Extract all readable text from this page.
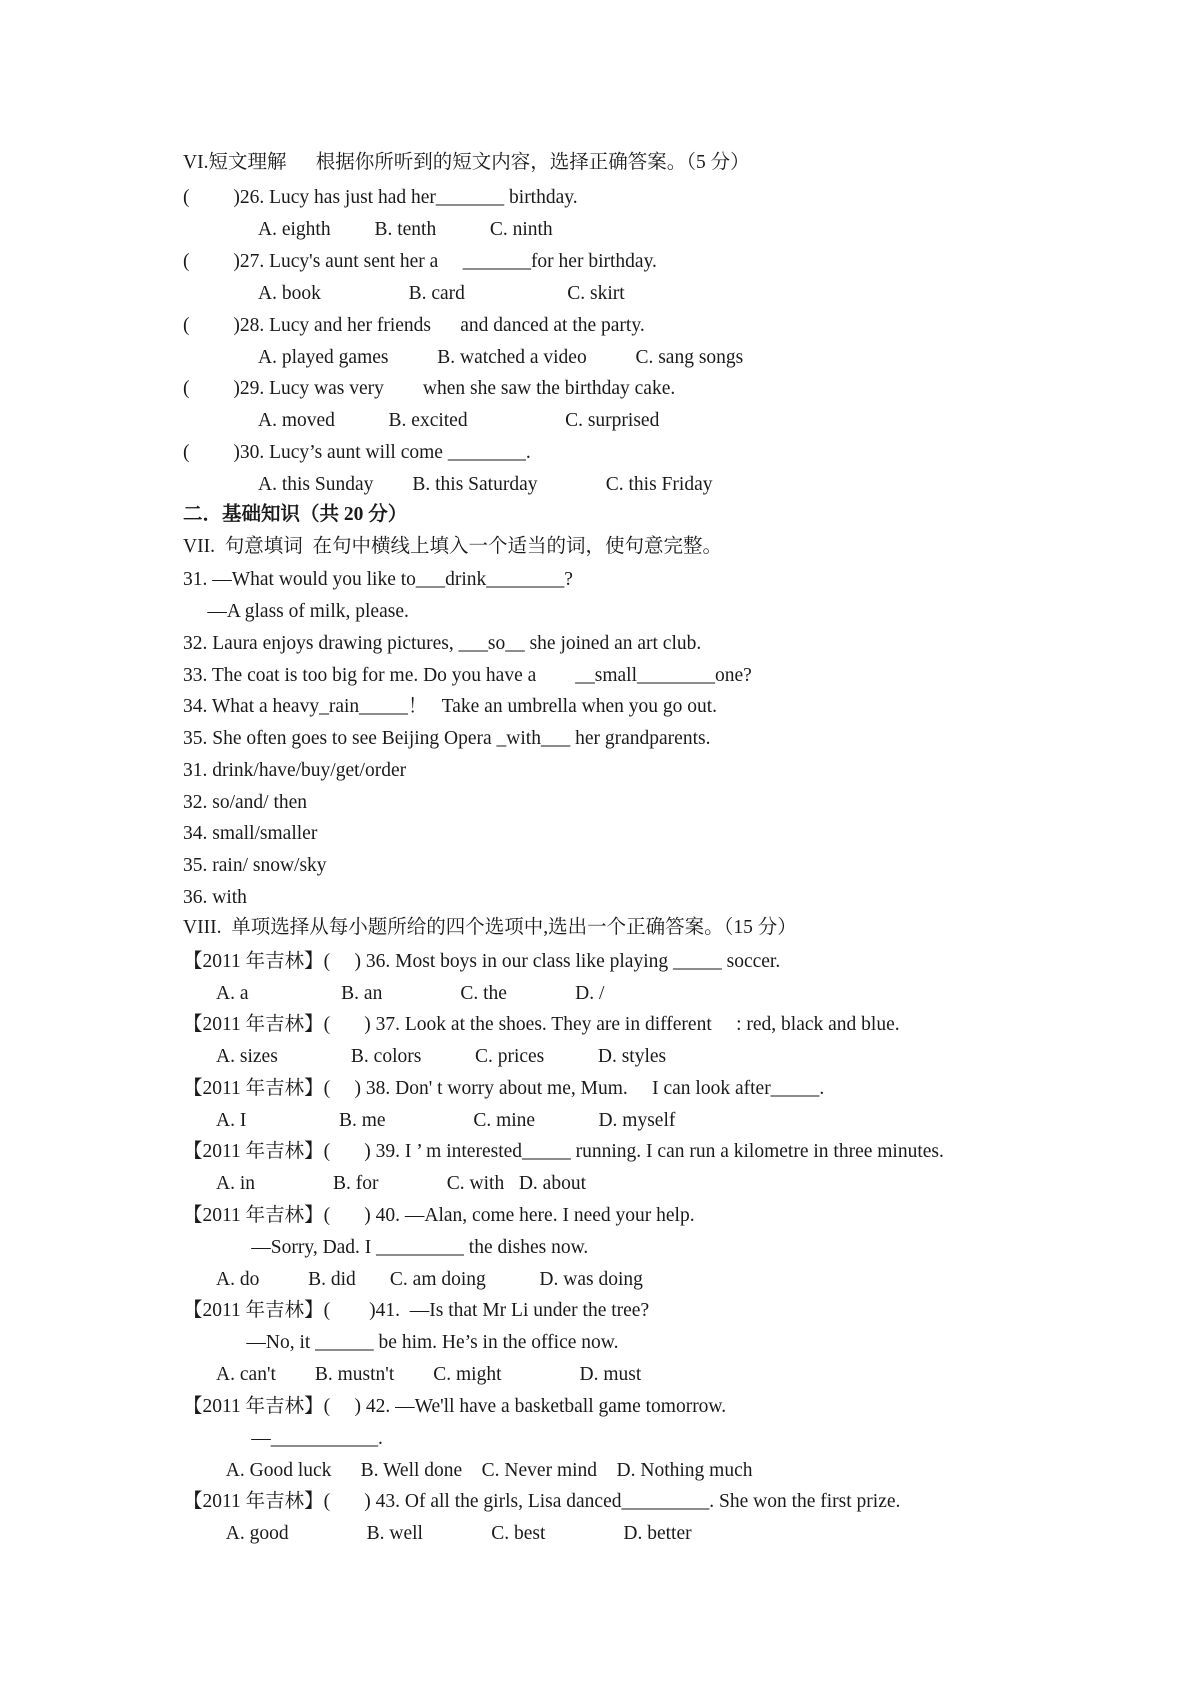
VI.短文理解      根据你所听到的短文内容，选择正确答案。（5 分）
(         )26. Lucy has just had her_______ birthday.
A. eighth         B. tenth           C. ninth
(         )27. Lucy's aunt sent her a     _______for her birthday.
A. book                  B. card                     C. skirt
(         )28. Lucy and her friends      and danced at the party.
A. played games          B. watched a video          C. sang songs
(         )29. Lucy was very        when she saw the birthday cake.
A. moved           B. excited                    C. surprised
(         )30. Lucy’s aunt will come ________.
A. this Sunday        B. this Saturday              C. this Friday
二．基础知识（共 20 分）
VII.  句意填词  在句中横线上填入一个适当的词，使句意完整。
31. —What would you like to___drink________?
—A glass of milk, please.
32. Laura enjoys drawing pictures, ___so__ she joined an art club.
33. The coat is too big for me. Do you have a        __small________one?
34. What a heavy_rain_____！   Take an umbrella when you go out.
35. She often goes to see Beijing Opera _with___ her grandparents.
31. drink/have/buy/get/order
32. so/and/ then
34. small/smaller
35. rain/ snow/sky
36. with
VIII.  单项选择从每小题所给的四个选项中,选出一个正确答案。（15 分）
【2011 年吉林】(     ) 36. Most boys in our class like playing _____ soccer.
A. a                   B. an                C. the              D. /
【2011 年吉林】(       ) 37. Look at the shoes. They are in different     : red, black and blue.
A. sizes               B. colors           C. prices           D. styles
【2011 年吉林】(     ) 38. Don' t worry about me, Mum.     I can look after_____.
A. I                   B. me                  C. mine             D. myself
【2011 年吉林】(       ) 39. I ’ m interested_____ running. I can run a kilometre in three minutes.
A. in                B. for              C. with   D. about
【2011 年吉林】(       ) 40. —Alan, come here. I need your help.
—Sorry, Dad. I _________ the dishes now.
A. do          B. did       C. am doing           D. was doing
【2011 年吉林】(        )41.  —Is that Mr Li under the tree?
—No, it ______ be him. He’s in the office now.
A. can't        B. mustn't        C. might                D. must
【2011 年吉林】(     ) 42. —We'll have a basketball game tomorrow.
—___________.
A. Good luck      B. Well done    C. Never mind    D. Nothing much
【2011 年吉林】(       ) 43. Of all the girls, Lisa danced_________. She won the first prize.
A. good                B. well              C. best                D. better
